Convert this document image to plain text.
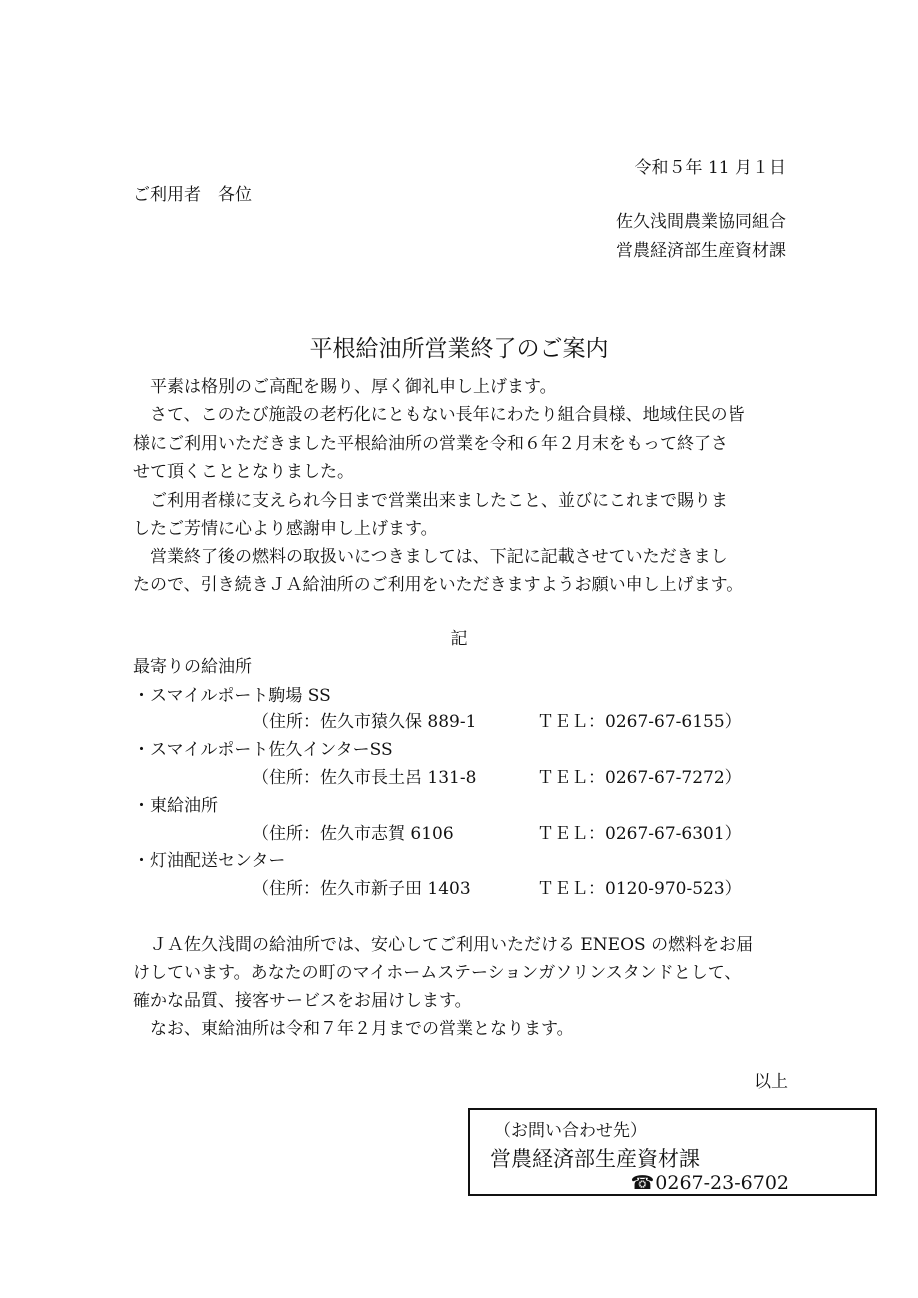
令和５年 11 月１日
ご利用者　各位
佐久浅間農業協同組合
営農経済部生産資材課
平根給油所営業終了のご案内
平素は格別のご高配を賜り、厚く御礼申し上げます。
さて、このたび施設の老朽化にともない長年にわたり組合員様、地域住民の皆
様にご利用いただきました平根給油所の営業を令和６年２月末をもって終了さ
せて頂くこととなりました。
ご利用者様に支えられ今日まで営業出来ましたこと、並びにこれまで賜りま
したご芳情に心より感謝申し上げます。
営業終了後の燃料の取扱いにつきましては、下記に記載させていただきまし
たので、引き続きＪＡ給油所のご利用をいただきますようお願い申し上げます。
記
最寄りの給油所
・スマイルポート駒場 SS
（住所：佐久市猿久保 889-1	ＴＥＬ：0267-67-6155）
・スマイルポート佐久インターSS
（住所：佐久市長土呂 131-8	ＴＥＬ：0267-67-7272）
・東給油所
（住所：佐久市志賀 6106	ＴＥＬ：0267-67-6301）
・灯油配送センター
（住所：佐久市新子田 1403	ＴＥＬ：0120-970-523）
ＪＡ佐久浅間の給油所では、安心してご利用いただける ENEOS の燃料をお届
けしています。あなたの町のマイホームステーションガソリンスタンドとして、
確かな品質、接客サービスをお届けします。
なお、東給油所は令和７年２月までの営業となります。
以上
（お問い合わせ先）
営農経済部生産資材課
☎0267-23-6702
